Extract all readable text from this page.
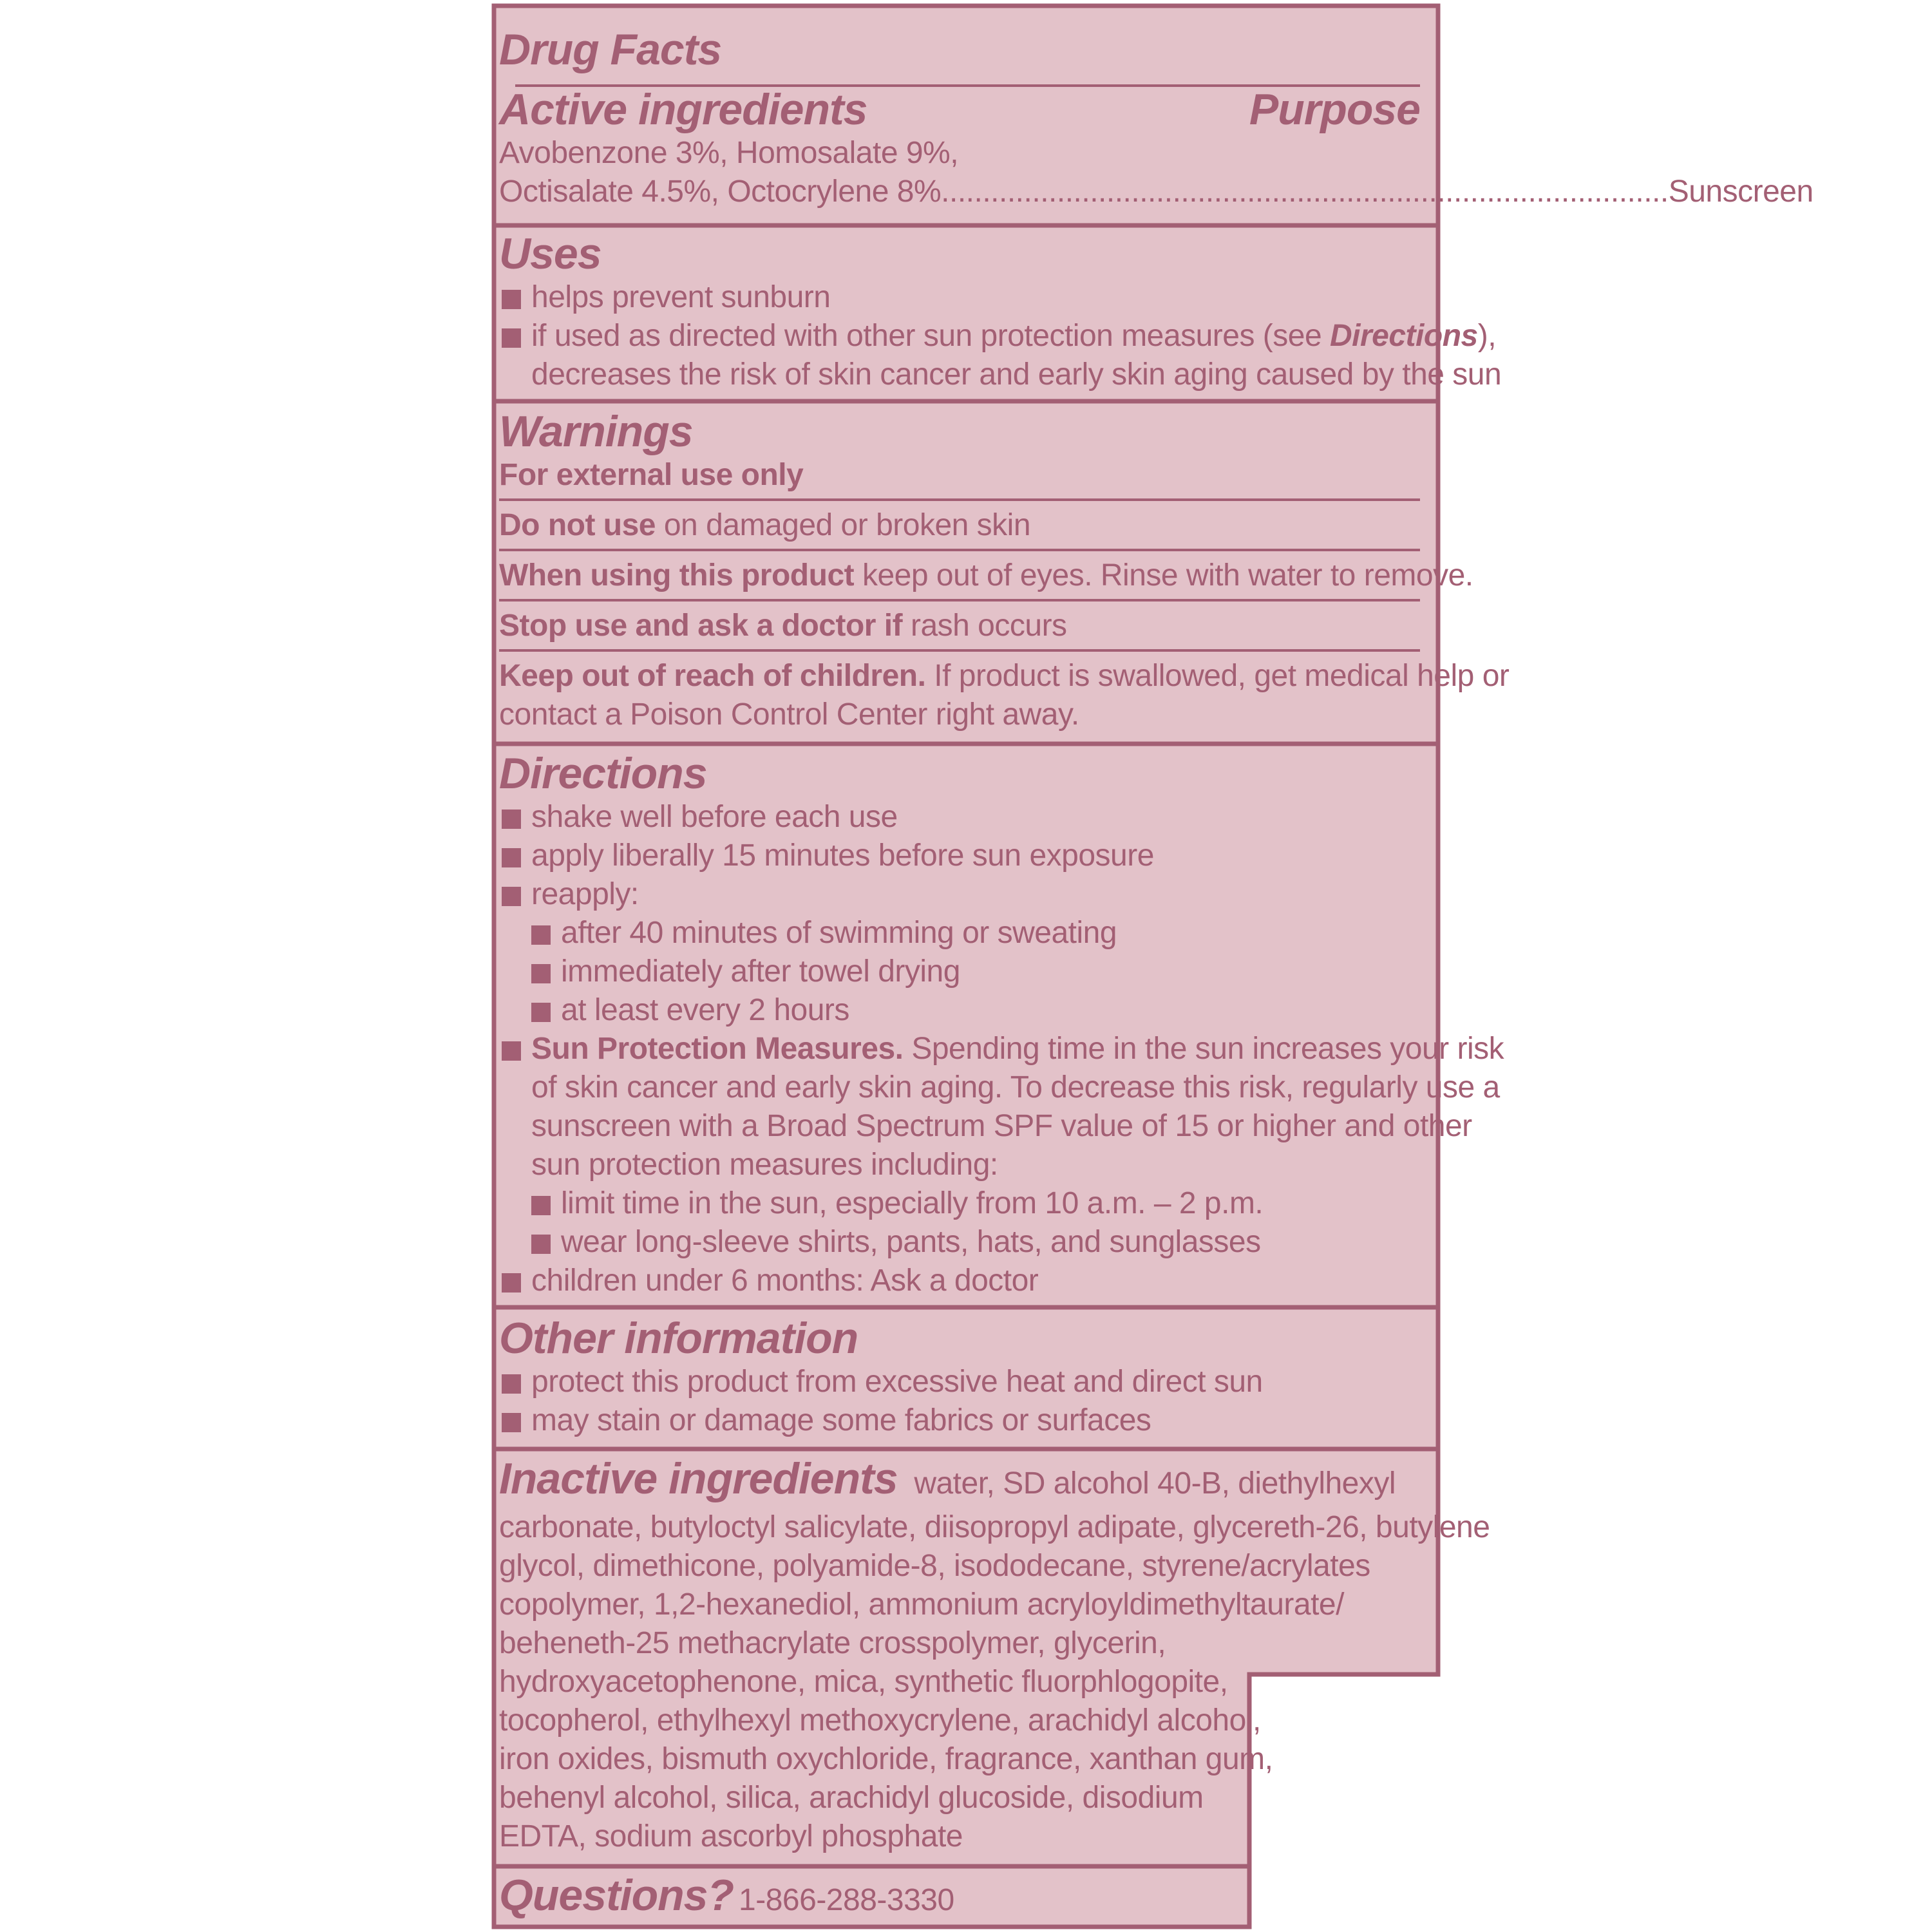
Drug Facts

Active ingredients	Purpose

Avobenzone 3%, Homosalate 9%,

Octisalate 4.5%, Octocrylene 8% ........................................................................................ Sunscreen

Uses

helps prevent sunburn

if used as directed with other sun protection measures (see Directions),

decreases the risk of skin cancer and early skin aging caused by the sun

Warnings

For external use only

Do not use on damaged or broken skin

When using this product keep out of eyes. Rinse with water to remove.

Stop use and ask a doctor if rash occurs

Keep out of reach of children. If product is swallowed, get medical help or

contact a Poison Control Center right away.

Directions

shake well before each use

apply liberally 15 minutes before sun exposure

reapply:

after 40 minutes of swimming or sweating

immediately after towel drying

at least every 2 hours

Sun Protection Measures. Spending time in the sun increases your risk

of skin cancer and early skin aging. To decrease this risk, regularly use a

sunscreen with a Broad Spectrum SPF value of 15 or higher and other

sun protection measures including:

limit time in the sun, especially from 10 a.m. – 2 p.m.

wear long-sleeve shirts, pants, hats, and sunglasses

children under 6 months: Ask a doctor

Other information

protect this product from excessive heat and direct sun

may stain or damage some fabrics or surfaces

Inactive ingredients  water, SD alcohol 40-B, diethylhexyl

carbonate, butyloctyl salicylate, diisopropyl adipate, glycereth-26, butylene

glycol, dimethicone, polyamide-8, isododecane, styrene/acrylates

copolymer, 1,2-hexanediol, ammonium acryloyldimethyltaurate/

beheneth-25 methacrylate crosspolymer, glycerin,

hydroxyacetophenone, mica, synthetic fluorphlogopite,

tocopherol, ethylhexyl methoxycrylene, arachidyl alcohol,

iron oxides, bismuth oxychloride, fragrance, xanthan gum,

behenyl alcohol, silica, arachidyl glucoside, disodium

EDTA, sodium ascorbyl phosphate

Questions? 1-866-288-3330
